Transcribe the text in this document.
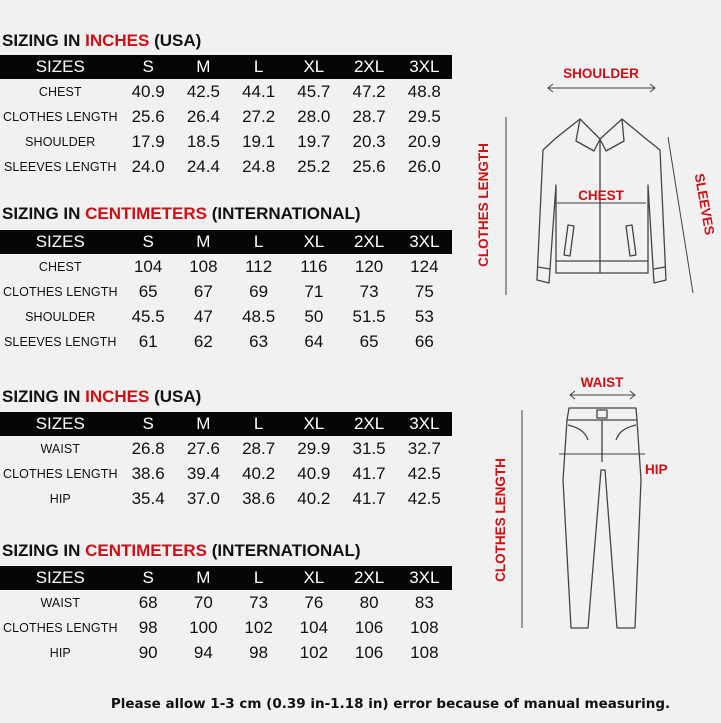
SIZING IN INCHES (USA)
SIZES	S	M	L	XL	2XL	3XL
CHEST	40.9	42.5	44.1	45.7	47.2	48.8
CLOTHES LENGTH	25.6	26.4	27.2	28.0	28.7	29.5
SHOULDER	17.9	18.5	19.1	19.7	20.3	20.9
SLEEVES LENGTH	24.0	24.4	24.8	25.2	25.6	26.0
SIZING IN CENTIMETERS (INTERNATIONAL)
SIZES	S	M	L	XL	2XL	3XL
CHEST	104	108	112	116	120	124
CLOTHES LENGTH	65	67	69	71	73	75
SHOULDER	45.5	47	48.5	50	51.5	53
SLEEVES LENGTH	61	62	63	64	65	66
SIZING IN INCHES (USA)
SIZES	S	M	L	XL	2XL	3XL
WAIST	26.8	27.6	28.7	29.9	31.5	32.7
CLOTHES LENGTH	38.6	39.4	40.2	40.9	41.7	42.5
HIP	35.4	37.0	38.6	40.2	41.7	42.5
SIZING IN CENTIMETERS (INTERNATIONAL)
SIZES	S	M	L	XL	2XL	3XL
WAIST	68	70	73	76	80	83
CLOTHES LENGTH	98	100	102	104	106	108
HIP	90	94	98	102	106	108
SHOULDER
CLOTHES LENGTH	SLEEVES
CHEST
WAIST
CLOTHES LENGTH	HIP
Please allow 1-3 cm (0.39 in-1.18 in) error because of manual measuring.
